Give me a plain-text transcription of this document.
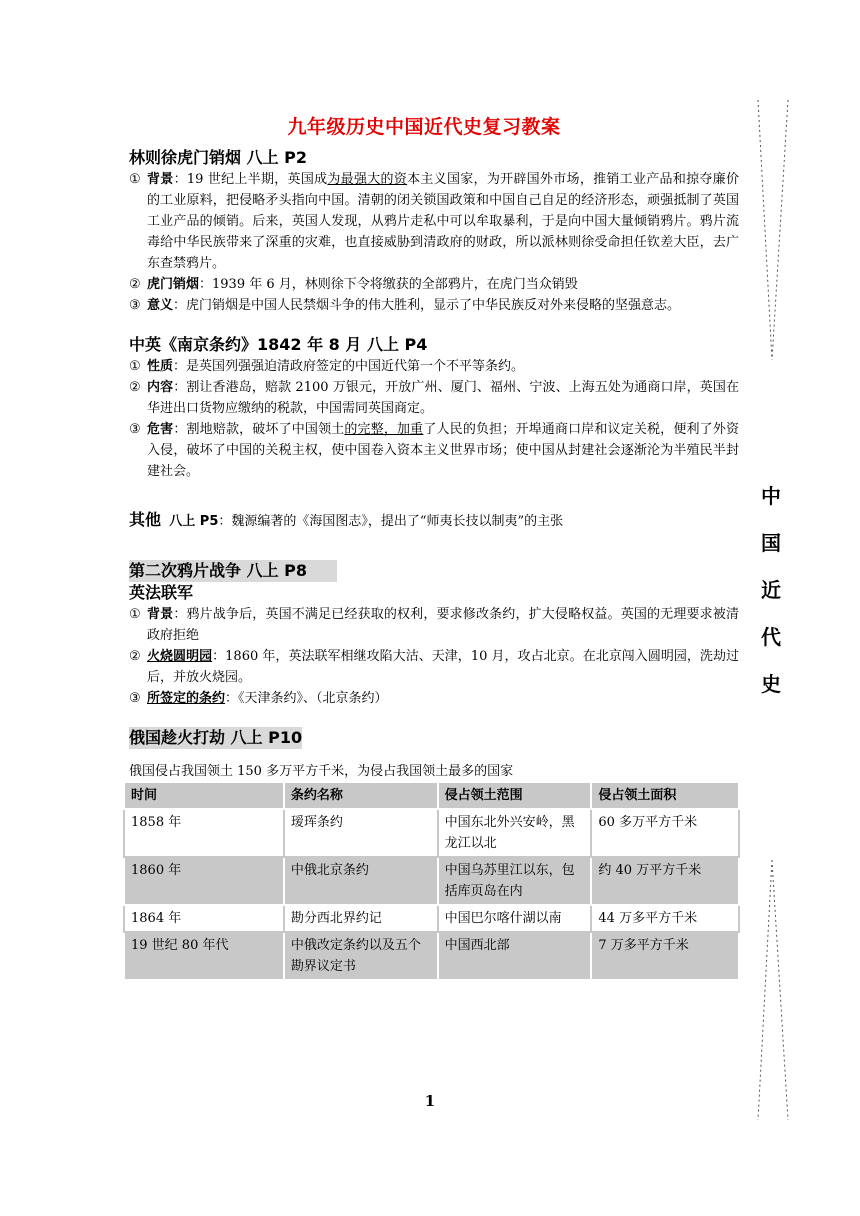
九年级历史中国近代史复习教案
林则徐虎门销烟 八上 P2
① 背景：19 世纪上半期，英国成为最强大的资本主义国家，为开辟国外市场，推销工业产品和掠夺廉价的工业原料，把侵略矛头指向中国。清朝的闭关锁国政策和中国自己自足的经济形态，顽强抵制了英国工业产品的倾销。后来，英国人发现，从鸦片走私中可以牟取暴利，于是向中国大量倾销鸦片。鸦片流毒给中华民族带来了深重的灾难，也直接威胁到清政府的财政，所以派林则徐受命担任钦差大臣，去广东查禁鸦片。
② 虎门销烟：1939 年 6 月，林则徐下令将缴获的全部鸦片，在虎门当众销毁
③ 意义：虎门销烟是中国人民禁烟斗争的伟大胜利，显示了中华民族反对外来侵略的坚强意志。
中英《南京条约》1842 年 8 月 八上 P4
① 性质：是英国列强强迫清政府签定的中国近代第一个不平等条约。
② 内容：割让香港岛，赔款 2100 万银元，开放广州、厦门、福州、宁波、上海五处为通商口岸，英国在华进出口货物应缴纳的税款，中国需同英国商定。
③ 危害：割地赔款，破坏了中国领土的完整，加重了人民的负担；开埠通商口岸和议定关税，便利了外资入侵，破坏了中国的关税主权，使中国卷入资本主义世界市场；使中国从封建社会逐渐沦为半殖民半封建社会。

其他 八上 P5：魏源编著的《海国图志》，提出了“师夷长技以制夷”的主张

第二次鸦片战争 八上 P8
英法联军
① 背景：鸦片战争后，英国不满足已经获取的权利，要求修改条约，扩大侵略权益。英国的无理要求被清政府拒绝
② 火烧圆明园：1860 年，英法联军相继攻陷大沽、天津，10 月，攻占北京。在北京闯入圆明园，洗劫过后，并放火烧园。
③ 所签定的条约：《天津条约》、（北京条约）
俄国趁火打劫 八上 P10

俄国侵占我国领土 150 多万平方千米，为侵占我国领土最多的国家

时间	条约名称	侵占领土范围	侵占领土面积
1858 年	瑷珲条约	中国东北外兴安岭，黑龙江以北	60 多万平方千米
1860 年	中俄北京条约	中国乌苏里江以东，包括库页岛在内	约 40 万平方千米
1864 年	勘分西北界约记	中国巴尔喀什湖以南	44 万多平方千米
19 世纪 80 年代	中俄改定条约以及五个勘界议定书	中国西北部	7 万多平方千米
中
国
近
代
史
1
